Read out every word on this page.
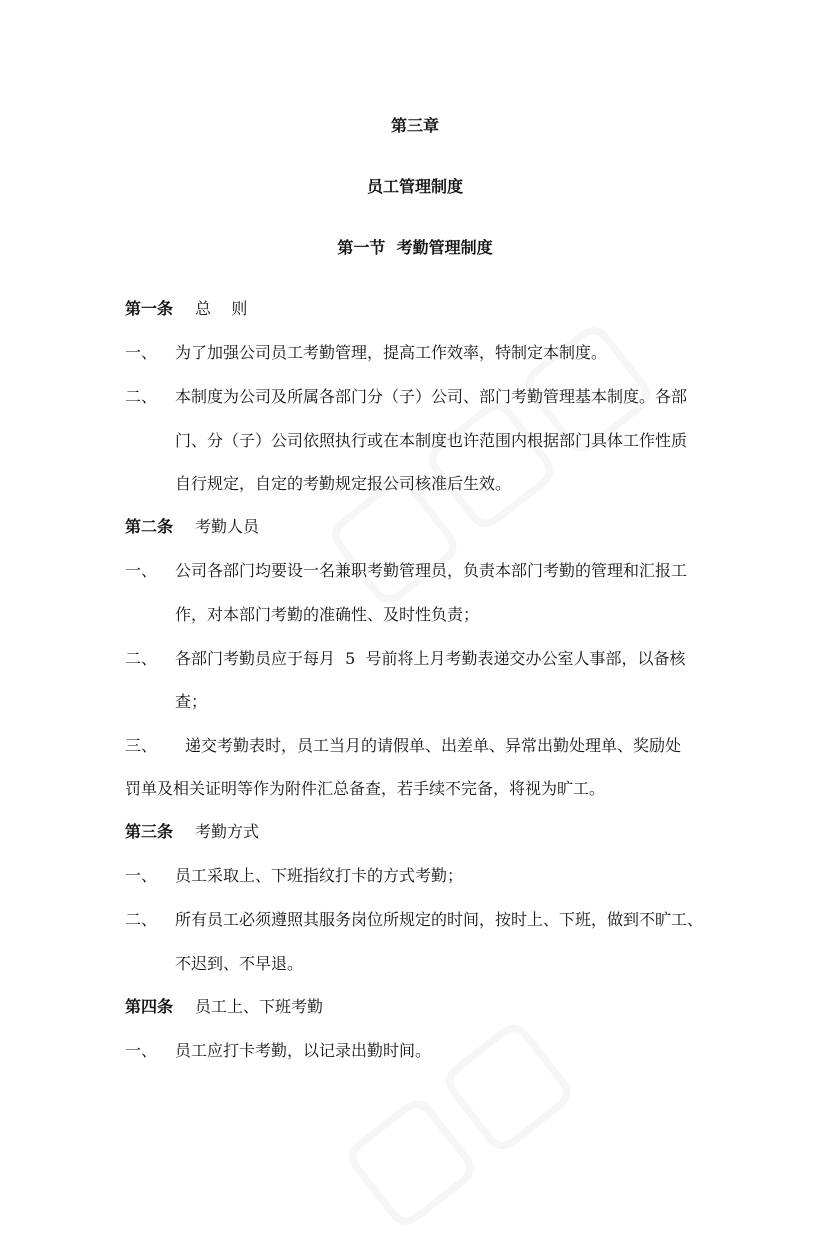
第三章
员工管理制度
第一节  考勤管理制度
第一条 总    则
一、 为了加强公司员工考勤管理，提高工作效率，特制定本制度。
二、 本制度为公司及所属各部门分（子）公司、部门考勤管理基本制度。各部
门、分（子）公司依照执行或在本制度也许范围内根据部门具体工作性质
自行规定，自定的考勤规定报公司核准后生效。
第二条 考勤人员
一、 公司各部门均要设一名兼职考勤管理员，负责本部门考勤的管理和汇报工
作，对本部门考勤的准确性、及时性负责；
二、 各部门考勤员应于每月  5  号前将上月考勤表递交办公室人事部，以备核
查；
三、 递交考勤表时，员工当月的请假单、出差单、异常出勤处理单、奖励处
罚单及相关证明等作为附件汇总备查，若手续不完备，将视为旷工。
第三条 考勤方式
一、 员工采取上、下班指纹打卡的方式考勤；
二、 所有员工必须遵照其服务岗位所规定的时间，按时上、下班，做到不旷工、
不迟到、不早退。
第四条 员工上、下班考勤
一、 员工应打卡考勤，以记录出勤时间。
